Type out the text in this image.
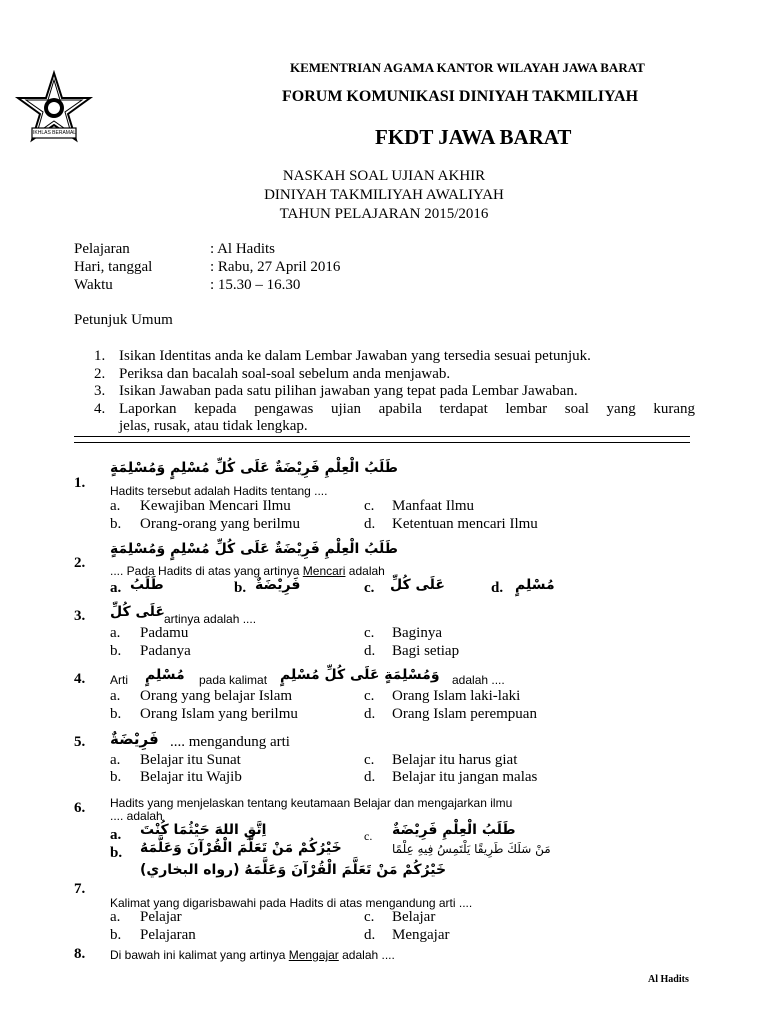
IKHLAS BERAMAL
KEMENTRIAN AGAMA KANTOR WILAYAH JAWA BARAT
FORUM KOMUNIKASI DINIYAH TAKMILIYAH
FKDT JAWA BARAT
NASKAH SOAL UJIAN AKHIR
DINIYAH TAKMILIYAH AWALIYAH
TAHUN PELAJARAN 2015/2016
Pelajaran	: Al Hadits
Hari, tanggal	: Rabu, 27 April 2016
Waktu	: 15.30 – 16.30
Petunjuk Umum
1. Isikan Identitas anda ke dalam Lembar Jawaban yang tersedia sesuai petunjuk.
2. Periksa dan bacalah soal-soal sebelum anda menjawab.
3. Isikan Jawaban pada satu pilihan jawaban yang tepat pada Lembar Jawaban.
4. Laporkan kepada pengawas ujian apabila terdapat lembar soal yang kurang
jelas, rusak, atau tidak lengkap.
1.
طَلَبُ الْعِلْمِ فَرِيْضَةٌ عَلَى كُلِّ مُسْلِمٍ وَمُسْلِمَةٍ
Hadits tersebut adalah Hadits tentang ....
a. Kewajiban Mencari Ilmu	c. Manfaat Ilmu
b. Orang-orang yang berilmu	d. Ketentuan mencari Ilmu
2.
طَلَبُ الْعِلْمِ فَرِيْضَةٌ عَلَى كُلِّ مُسْلِمٍ وَمُسْلِمَةٍ
.... Pada Hadits di atas yang artinya Mencari adalah
a. طَلَبُ	b. فَرِيْضَةٌ	c. عَلَى كُلِّ	d. مُسْلِمٍ
3. عَلَى كُلِّ artinya adalah ....
a. Padamu	c. Baginya
b. Padanya	d. Bagi setiap
4. Arti مُسْلِمٍ pada kalimat وَمُسْلِمَةٍ عَلَى كُلِّ مُسْلِمٍ adalah ....
a. Orang yang belajar Islam	c. Orang Islam laki-laki
b. Orang Islam yang berilmu	d. Orang Islam perempuan
5. فَرِيْضَةٌ .... mengandung arti
a. Belajar itu Sunat	c. Belajar itu harus giat
b. Belajar itu Wajib	d. Belajar itu jangan malas
6. Hadits yang menjelaskan tentang keutamaan Belajar dan mengajarkan ilmu
.... adalah
a. اِتَّقِ اللهَ حَيْثُمَا كُنْتَ	c. طَلَبُ الْعِلْمِ فَرِيْضَةٌ
b. خَيْرُكُمْ مَنْ تَعَلَّمَ الْقُرْآنَ وَعَلَّمَهُ	مَنْ سَلَكَ طَرِيقًا يَلْتَمِسُ فِيهِ عِلْمًا
7.
خَيْرُكُمْ مَنْ تَعَلَّمَ الْقُرْآنَ وَعَلَّمَهُ (رواه البخاري)
Kalimat yang digarisbawahi pada Hadits di atas mengandung arti ....
a. Pelajar	c. Belajar
b. Pelajaran	d. Mengajar
8. Di bawah ini kalimat yang artinya Mengajar adalah ....
Al Hadits
